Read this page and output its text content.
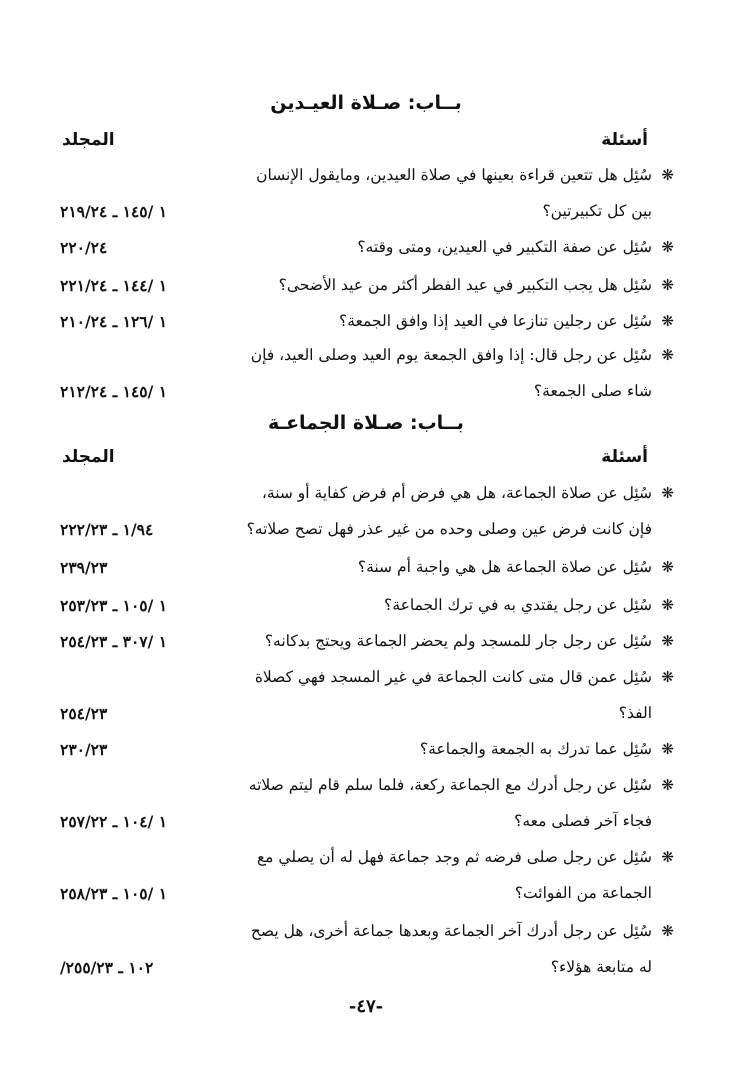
بــاب: صـلاة العيـدين
أسئلة
المجلد
❋سُئِل هل تتعين قراءة بعينها في صلاة العيدين، ومايقول الإنسان
بين كل تكبيرتين؟
١ /١٤٥ ـ ٢١٩/٢٤
❋سُئِل عن صفة التكبير في العيدين، ومتى وقته؟
٢٢٠/٢٤
❋سُئِل هل يجب التكبير في عيد الفطر أكثر من عيد الأضحى؟
١ /١٤٤ ـ ٢٢١/٢٤
❋سُئِل عن رجلين تنازعا في العيد إذا وافق الجمعة؟
١ /١٢٦ ـ ٢١٠/٢٤
❋سُئِل عن رجل قال: إذا وافق الجمعة يوم العيد وصلى العيد، فإن
شاء صلى الجمعة؟
١ /١٤٥ ـ ٢١٢/٢٤
بــاب: صـلاة الجماعـة
أسئلة
المجلد
❋سُئِل عن صلاة الجماعة، هل هي فرض أم فرض كفاية أو سنة،
فإن كانت فرض عين وصلى وحده من غير عذر فهل تصح صلاته؟
١/٩٤ ـ ٢٢٢/٢٣
❋سُئِل عن صلاة الجماعة هل هي واجبة أم سنة؟
٢٣٩/٢٣
❋سُئِل عن رجل يقتدي به في ترك الجماعة؟
١ /١٠٥ ـ ٢٥٣/٢٣
❋سُئِل عن رجل جار للمسجد ولم يحضر الجماعة ويحتج بدكانه؟
١ /٣٠٧ ـ ٢٥٤/٢٣
❋سُئِل عمن قال متى كانت الجماعة في غير المسجد فهي كصلاة
الفذ؟
٢٥٤/٢٣
❋سُئِل عما تدرك به الجمعة والجماعة؟
٢٣٠/٢٣
❋سُئِل عن رجل أدرك مع الجماعة ركعة، فلما سلم قام ليتم صلاته
فجاء آخر فصلى معه؟
١ /١٠٤ ـ ٢٥٧/٢٢
❋سُئِل عن رجل صلى فرضه ثم وجد جماعة فهل له أن يصلي مع
الجماعة من الفوائت؟
١ /١٠٥ ـ ٢٥٨/٢٣
❋سُئِل عن رجل أدرك آخر الجماعة وبعدها جماعة أخرى، هل يصح
له متابعة هؤلاء؟
/١٠٢ ـ ٢٥٥/٢٣
-٤٧-
